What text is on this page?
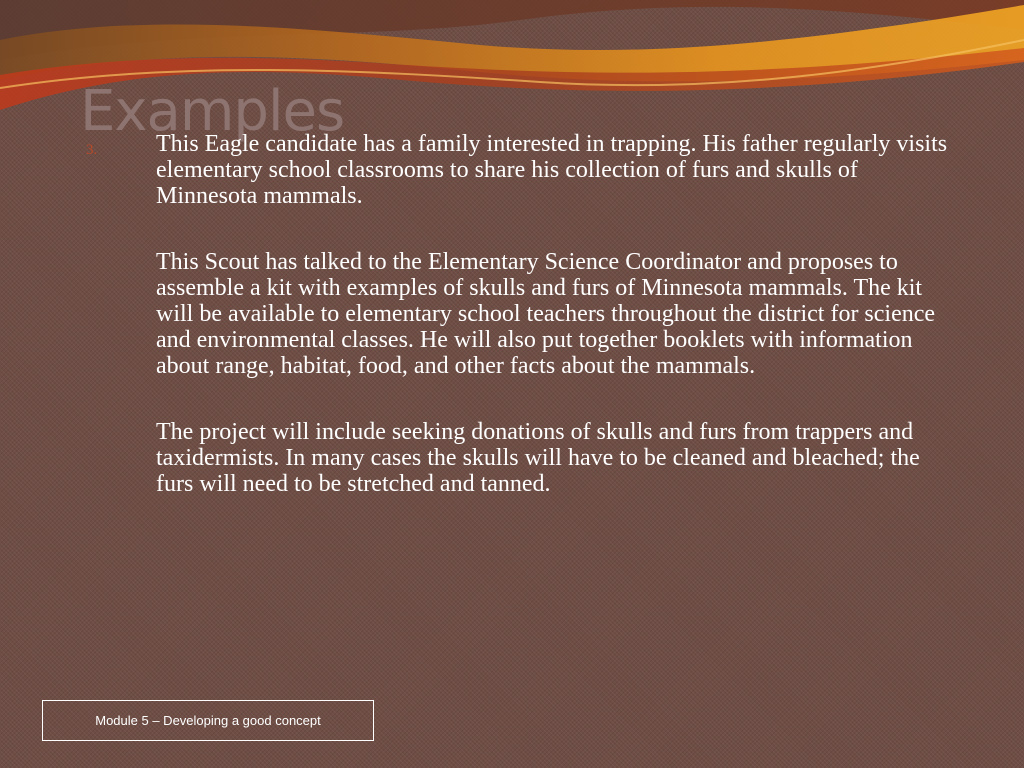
Examples
3. This Eagle candidate has a family interested in trapping. His father regularly visits elementary school classrooms to share his collection of furs and skulls of Minnesota mammals.

This Scout has talked to the Elementary Science Coordinator and proposes to assemble a kit with examples of skulls and furs of Minnesota mammals. The kit will be available to elementary school teachers throughout the district for science and environmental classes. He will also put together booklets with information about range, habitat, food, and other facts about the mammals.

The project will include seeking donations of skulls and furs from trappers and taxidermists. In many cases the skulls will have to be cleaned and bleached; the furs will need to be stretched and tanned.

Module 5 – Developing a good concept
